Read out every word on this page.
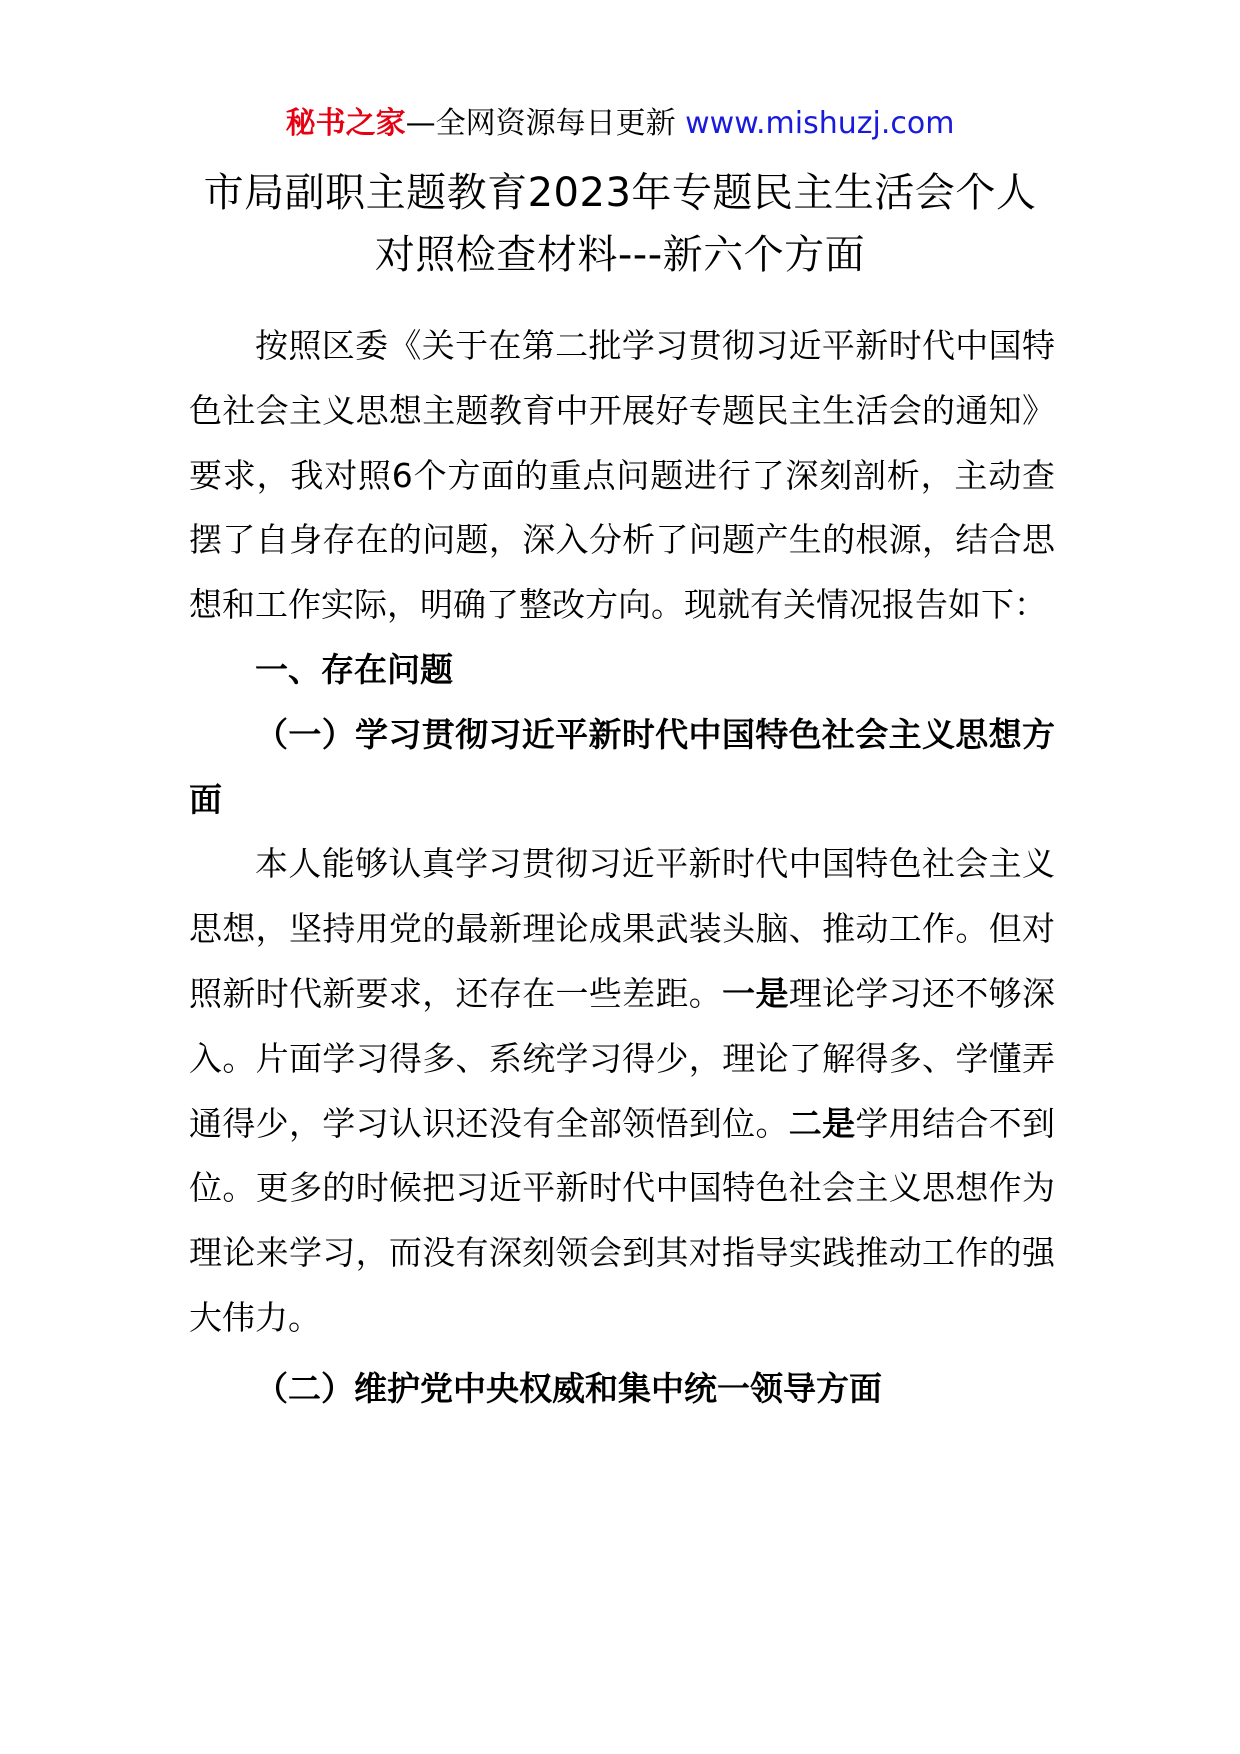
秘书之家—全网资源每日更新 www.mishuzj.com
市局副职主题教育2023年专题民主生活会个人
对照检查材料---新六个方面

按照区委《关于在第二批学习贯彻习近平新时代中国特色社会主义思想主题教育中开展好专题民主生活会的通知》要求，我对照6个方面的重点问题进行了深刻剖析，主动查摆了自身存在的问题，深入分析了问题产生的根源，结合思想和工作实际，明确了整改方向。现就有关情况报告如下：

一、存在问题

（一）学习贯彻习近平新时代中国特色社会主义思想方面

本人能够认真学习贯彻习近平新时代中国特色社会主义思想，坚持用党的最新理论成果武装头脑、推动工作。但对照新时代新要求，还存在一些差距。一是理论学习还不够深入。片面学习得多、系统学习得少，理论了解得多、学懂弄通得少，学习认识还没有全部领悟到位。二是学用结合不到位。更多的时候把习近平新时代中国特色社会主义思想作为理论来学习，而没有深刻领会到其对指导实践推动工作的强大伟力。

（二）维护党中央权威和集中统一领导方面
